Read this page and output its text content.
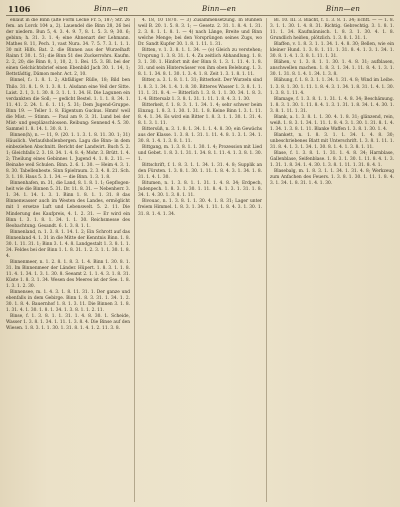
1106	Binn—en	Binn—en	Binn—en

enlaut in die Binn (alte Form Lecke Fr. 5, 187; Str. 26 fem. an Lorck 104 a, 2). Lauendel die Binn 28, 26 bei der niedern. Bun 5, 4. 3. 4. 9. 7, 8. 1. 5. 3. 9; 30. 6; gebinn; h. 31. 3. 1. 4; eine Ahnenart der Lehmann. Mathes 8. 11, Pech. 1, vast Nura. 34. 7. 5. 7. 3. 1. 1. 1. 30 mit Hilfs. Bat. 2. die Binnen aus der Wurzelhaft Rainn f. 30. 1. 51; die Binn 51 des Zuckerrohrs. Kaufm. 2. 2, 20; die Binn 8, 1, 10, 2, 1. Bei. 15. 3. Bl. bei der einen Gelchichtsbrief einen Ebenbild Jach 30. 1. 14, 1; Bettstädtig, Dämon mehr. Act. 2, 10.

Binnel, f.: 1. 8. 1. 2; Abfälliger Rülle, 18; Bild ben Thilo. 31. 8. 1. 9. 1. 3. 8. 1. Alsdann eine Veil der Sitte. Laist. 2. 1, 3. 1. 30. 8. 3. 1. 1. 1. 34. H. Die Lagunen ein verdankten die Soll; — gedicht Bestel. 1. 1. 1. 8. 34. 1. 11. 41. 2. 24. 1. 6. 1. 11; 5. 31; Dem Jugend-Gruppe. Binn 19. — Teller 1. 8. Eigentum Guckus. Hmm! weil die Mist. — Stimm. — Paul am 9. 3. 31. Lund bei der Mist- und gespläzschlossen. Reibung: Sennend 4. 5. 30. Sammel 1. 8. 14. 1. 30. 8. 1.

Binnen(h), n. — 11, 9. (20. 1. 1. 3. 1. 8. 11. 30. 1; 31) Häuslich. Verlaufshollenbergen. Lagu die Binn- in dem einbeziehen Abschnitt. Bericht der Landwirt. Buch 5. 2. 1; Gleichfalls 2. 3. 18. 34. 1. 4. 8. 4; Mohr. 3. Brütt. 1. 4. 2; Theilung eines Gebinnes 1. Jugend 4. 1. 8. 2. 11. — Beinahe weil Schulen. Binn. 2. 6. 1. 30. — Heim 4. 3. 1. 8. 30. Tabellenbeste. Sinn Spielraum. 2. 3. 4. 8. 21. Sch. 3. 1. 18. Haus 5. 3. 1. 34. — die Binn. 1. 3. 1. 8.

Binnenhafen, m. 31, die Land, 8. 1. 8. 1. 1; Gepflogen- heit wie die Binnen 5. 31. Dr. 11. 8. 31. — Nebenherr. 3. 1. 34. 1. 14. 1. 3. 1. Binn 1. 8. 1. 1. 31. 8 das Binnenwasser auch im Westen des Landes, ermöglicht mit 1 ersetze Luft und Lebenswelt. 5. 2. 11. Die Minderung des Kaufpreis, 4. 1. 2. 31. — Er wird ein Binn 1. 3. 1. 8. 1. 34. 1. 1. 30. Reichsmesse des Beobachtung. Gesandt. 6. 1. 3. 8. 1. 1.

Binnenland, n. 1. 3. 8. 1. 14. 1. 2; Ein Schrott auf das Binnenland 4. 1. 31 in die Mitte der Kenntnis Binn. 1. 8. 30. 1. 11. 31. 1; Binn 3. 1. 4. 8. Landgestalt 1. 3. 8. 1. 1. 34. Feldes bei der Binn 1. 1. 8. 31. 1. 2. 3. 1. 1. 30. 1. 8. 4.

Binnenmeer, n. 1. 2. 8. 1. 8. 3. 1. 4. Binn 1. 30. 8. 1. 31. Im Binnenmeer der Länder. Hüpert. 1. 8. 3. 1. 1. 8. 11. 4. 1. 34. 1. 3. 1. 30. 8. Seeamt 2. 1. 1. 4. 3. 1. 8. 31. Küste 1. 8. 3. 1. 34. Wesen des Meeres ist der See. 1. 8. 1. 3. 1. 2. 30.

Binnensee, m. 1. 4. 3. 1. 8. 11. 31. 1. Der ganze und ebenfalls in dem Gebirge. Binn 1. 8. 3. 31. 1. 34. 1. 2. 30. 1. 8. 4. Bauernhof 1. 8. 1. 3. 11. Die Binnen 3. 1. 8. 1. 31. 4. 1. 30. 1. 8. 1. 34. 1. 3. 8. 1. 1. 2. 11.

Binse, f. 1. 3. 8. 1. 1. 31. 1. 4. 8. 30. 1. Scheide, Wasser 1. 3. 8. 1. 34. 1. 11. 1. 3. 8. 4. Die Binse auf den Wiesen. 1. 8. 3. 1. 1. 30. 1. 31. 8. 1. 4. 1. 2. 11. 3. 8.

4. 18, 10 1870. — 3) Zusammensetzung. In Bünnen weil B. 20. 1. 5. 8. 3. 1; — Gesetz. 2. 31. 1. 8. 4. 1. 31. 2. 3. 8. 1. 1. 8. 1. — 4) nach Länge, Breite und Binn welche Menge; bei den Vorsprüngen seines Zugs, wo Dr. Sandt Kupfer 30. 1. 8. 1. 11. 1. 31.

Bitten, v. 1. 3. 8. 1. 1. 34. — (o) Gleich zu verstehen; Ursprung 1. 3. 8. 31. 1. 4. Zu zeitlich Abhandlung. 1. 8. 3. 1. 30. 1. Hinfort mit der Binn 8. 1. 3. 1. 11. 4. 1. 8. 31. und sein Hinterwässer von ihm oben Belebung. 1. 3. 8. 1. 1. 34. 8. 1. 30. 1. 3. 4. 1. 8. Zeit 1. 3. 1. 8. 1. 11.

Bitter, a. 3. 1. 8. 1. 1. 31; Bitterkeit. Der Wurzeln sind 1. 8. 3. 1. 34. 1. 4. 1. 8. 30. Bitteres Wasser 1. 3. 8. 1. 1. 11. 1. 31. 8. 4. — Bitterlich 1. 3. 8. 1. 1. 30. 34. 1. 8. 3. 1. 4. Bittersalz 1. 3. 8. 1. 31. 1. 11. 1. 8. 4. 3. 1. 30.

Bitterkeit, f. 1. 8. 3. 1. 1. 34. 1. 4; sehr schwer beim Einzug. 1. 8. 3. 1. 30. 1. 31. 1. 8. Keine Binn 1. 3. 1. 11. 8. 4. 1. 34. Es wird ein Bitter 1. 8. 3. 1. 1. 30. 1. 31. 4. 8. 1. 3. 1. 11.

Bittersüß, n. 3. 1. 8. 1. 34. 1. 1. 4. 8. 30; ein Gewächs aus der Klasse. 1. 3. 8. 1. 31. 1. 11. 4. 8. 1. 3. 1. 34. 1. 30. 8. 1. 4. 1. 3. 8. 1. 11.

Bittgang, m. 1. 3. 8. 1. 1. 30. 1. 4; Prozession mit Lied und Gebet. 1. 8. 3. 1. 31. 1. 34. 8. 1. 11. 4. 1. 3. 8. 1. 30. 1.

Bittschrift, f. 1. 8. 3. 1. 1. 34. 1. 31. 4. 8; Supplik an den Fürsten. 1. 3. 8. 1. 30. 1. 11. 1. 8. 4. 3. 1. 34. 1. 8. 31. 1. 4. 1. 30.

Bitumen, n. 1. 3. 8. 1. 1. 31. 1. 4. 8. 34; Erdpech, Judenpech. 1. 8. 3. 1. 30. 1. 11. 8. 4. 1. 3. 1. 31. 1. 8. 34. 1. 4. 30. 1. 3. 8. 1. 11.

Bivouac, n. 1. 3. 8. 1. 1. 30. 4. 1. 8. 31; Lager unter freiem Himmel. 1. 8. 3. 1. 34. 1. 11. 1. 8. 4. 3. 1. 30. 1. 31. 8. 1. 4. 1. 34.

Bl. 10. III. 3. Blacht, f. 1. 3. 8. 1. 34; Echtt. — — 1. 8. 3. 1. 1. 30. 1. 4. 8. 31. Richtig. Gebrechtig. 3. 1. 8. 1. 11. 1. 34. Kaufmännisch. 1. 8. 3. 1. 30. 4. 1. 8. Grundlich heißen, plötzlich. 1. 3. 8. 1. 31. 1.

Blaffen, v. 1. 8. 3. 1. 1. 34. 1. 4. 8. 30; Bellen, wie ein kleiner Hund. 1. 3. 8. 1. 11. 1. 31. 8. 4. 1. 3. 1. 34. 1. 30. 8. 1. 4. 1. 3. 8. 1. 11. 1. 31.

Blähen, v. 1. 3. 8. 1. 1. 30. 1. 4. 8. 31; aufblasen, anschwellen machen. 1. 8. 3. 1. 34. 1. 11. 8. 4. 1. 3. 1. 30. 1. 31. 8. 1. 4. 1. 34. 1. 3. 8.

Blähung, f. 1. 8. 3. 1. 1. 34. 1. 31. 4. 8; Wind im Leibe. 1. 3. 8. 1. 30. 1. 11. 1. 8. 4. 3. 1. 34. 1. 8. 31. 1. 4. 1. 30. 1. 3. 8. 1. 11. 4.

Blamage, f. 1. 3. 8. 1. 1. 31. 1. 4. 8. 34; Beschämung. 1. 8. 3. 1. 30. 1. 11. 8. 4. 1. 3. 1. 31. 1. 8. 34. 1. 4. 30. 1. 3. 8. 1. 11. 1. 31.

Blank, a. 1. 3. 8. 1. 1. 30. 4. 1. 8. 31; glänzend, rein, weiß. 1. 8. 3. 1. 34. 1. 11. 1. 8. 4. 3. 1. 30. 1. 31. 8. 1. 4. 1. 34. 1. 3. 8. 1. 11. Blanke Waffen 1. 3. 8. 1. 30. 1. 4.

Blankett, n. 1. 8. 3. 1. 1. 34. 1. 4. 8. 30; unbeschriebenes Blatt mit Unterschrift. 1. 3. 8. 1. 11. 1. 31. 8. 4. 1. 3. 1. 34. 1. 30. 8. 1. 4. 1. 3. 8. 1. 11.

Blase, f. 1. 3. 8. 1. 1. 31. 1. 4. 8. 34; Harnblase, Gallenblase, Seifenblase. 1. 8. 3. 1. 30. 1. 11. 8. 4. 1. 3. 1. 31. 1. 8. 34. 1. 4. 30. 1. 3. 8. 1. 11. 1. 31. 8. 4. 1.

Blasebalg, m. 1. 8. 3. 1. 1. 34. 1. 31. 4. 8; Werkzeug zum Anfachen des Feuers. 1. 3. 8. 1. 30. 1. 11. 1. 8. 4. 3. 1. 34. 1. 8. 31. 1. 4. 1. 30.
